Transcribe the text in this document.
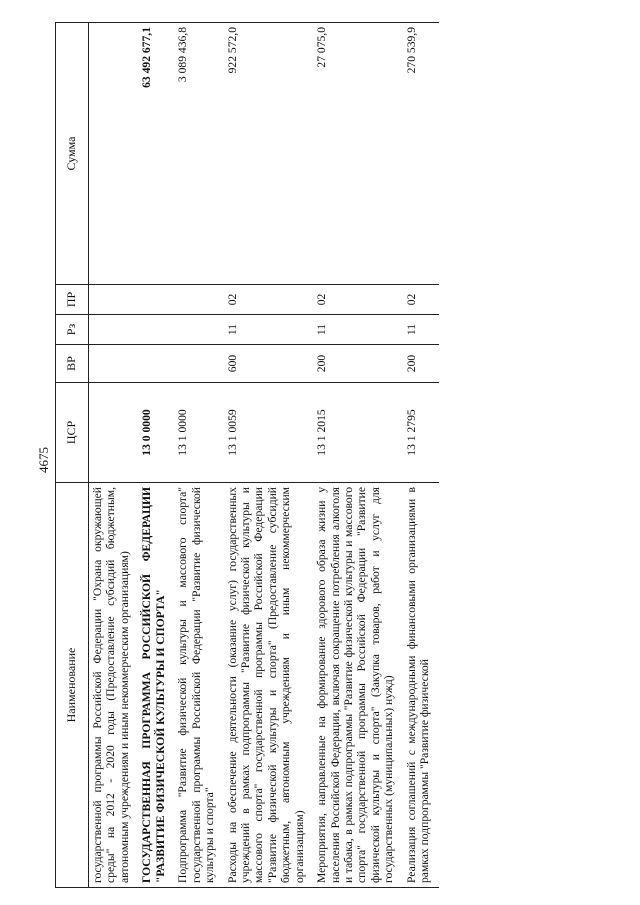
4675
Наименование	ЦСР	ВР	Рз	ПР	Сумма
государственной программы Российской Федерации "Охрана окружающей среды" на 2012 - 2020 годы (Предоставление субсидий бюджетным, автономным учреждениям и иным некоммерческим организациям)					
ГОСУДАРСТВЕННАЯ ПРОГРАММА РОССИЙСКОЙ ФЕДЕРАЦИИ "РАЗВИТИЕ ФИЗИЧЕСКОЙ КУЛЬТУРЫ И СПОРТА"	13 0 0000				63 492 677,1
Подпрограмма "Развитие физической культуры и массового спорта" государственной программы Российской Федерации "Развитие физической культуры и спорта"	13 1 0000				3 089 436,8
Расходы на обеспечение деятельности (оказание услуг) государственных учреждений в рамках подпрограммы "Развитие физической культуры и массового спорта" государственной программы Российской Федерации "Развитие физической культуры и спорта" (Предоставление субсидий бюджетным, автономным учреждениям и иным некоммерческим организациям)	13 1 0059	600	11	02	922 572,0
Мероприятия, направленные на формирование здорового образа жизни у населения Российской Федерации, включая сокращение потребления алкоголя и табака, в рамках подпрограммы "Развитие физической культуры и массового спорта" государственной программы Российской Федерации "Развитие физической культуры и спорта" (Закупка товаров, работ и услуг для государственных (муниципальных) нужд)	13 1 2015	200	11	02	27 075,0
Реализация соглашений с международными финансовыми организациями в рамках подпрограммы "Развитие физической	13 1 2795	200	11	02	270 539,9
